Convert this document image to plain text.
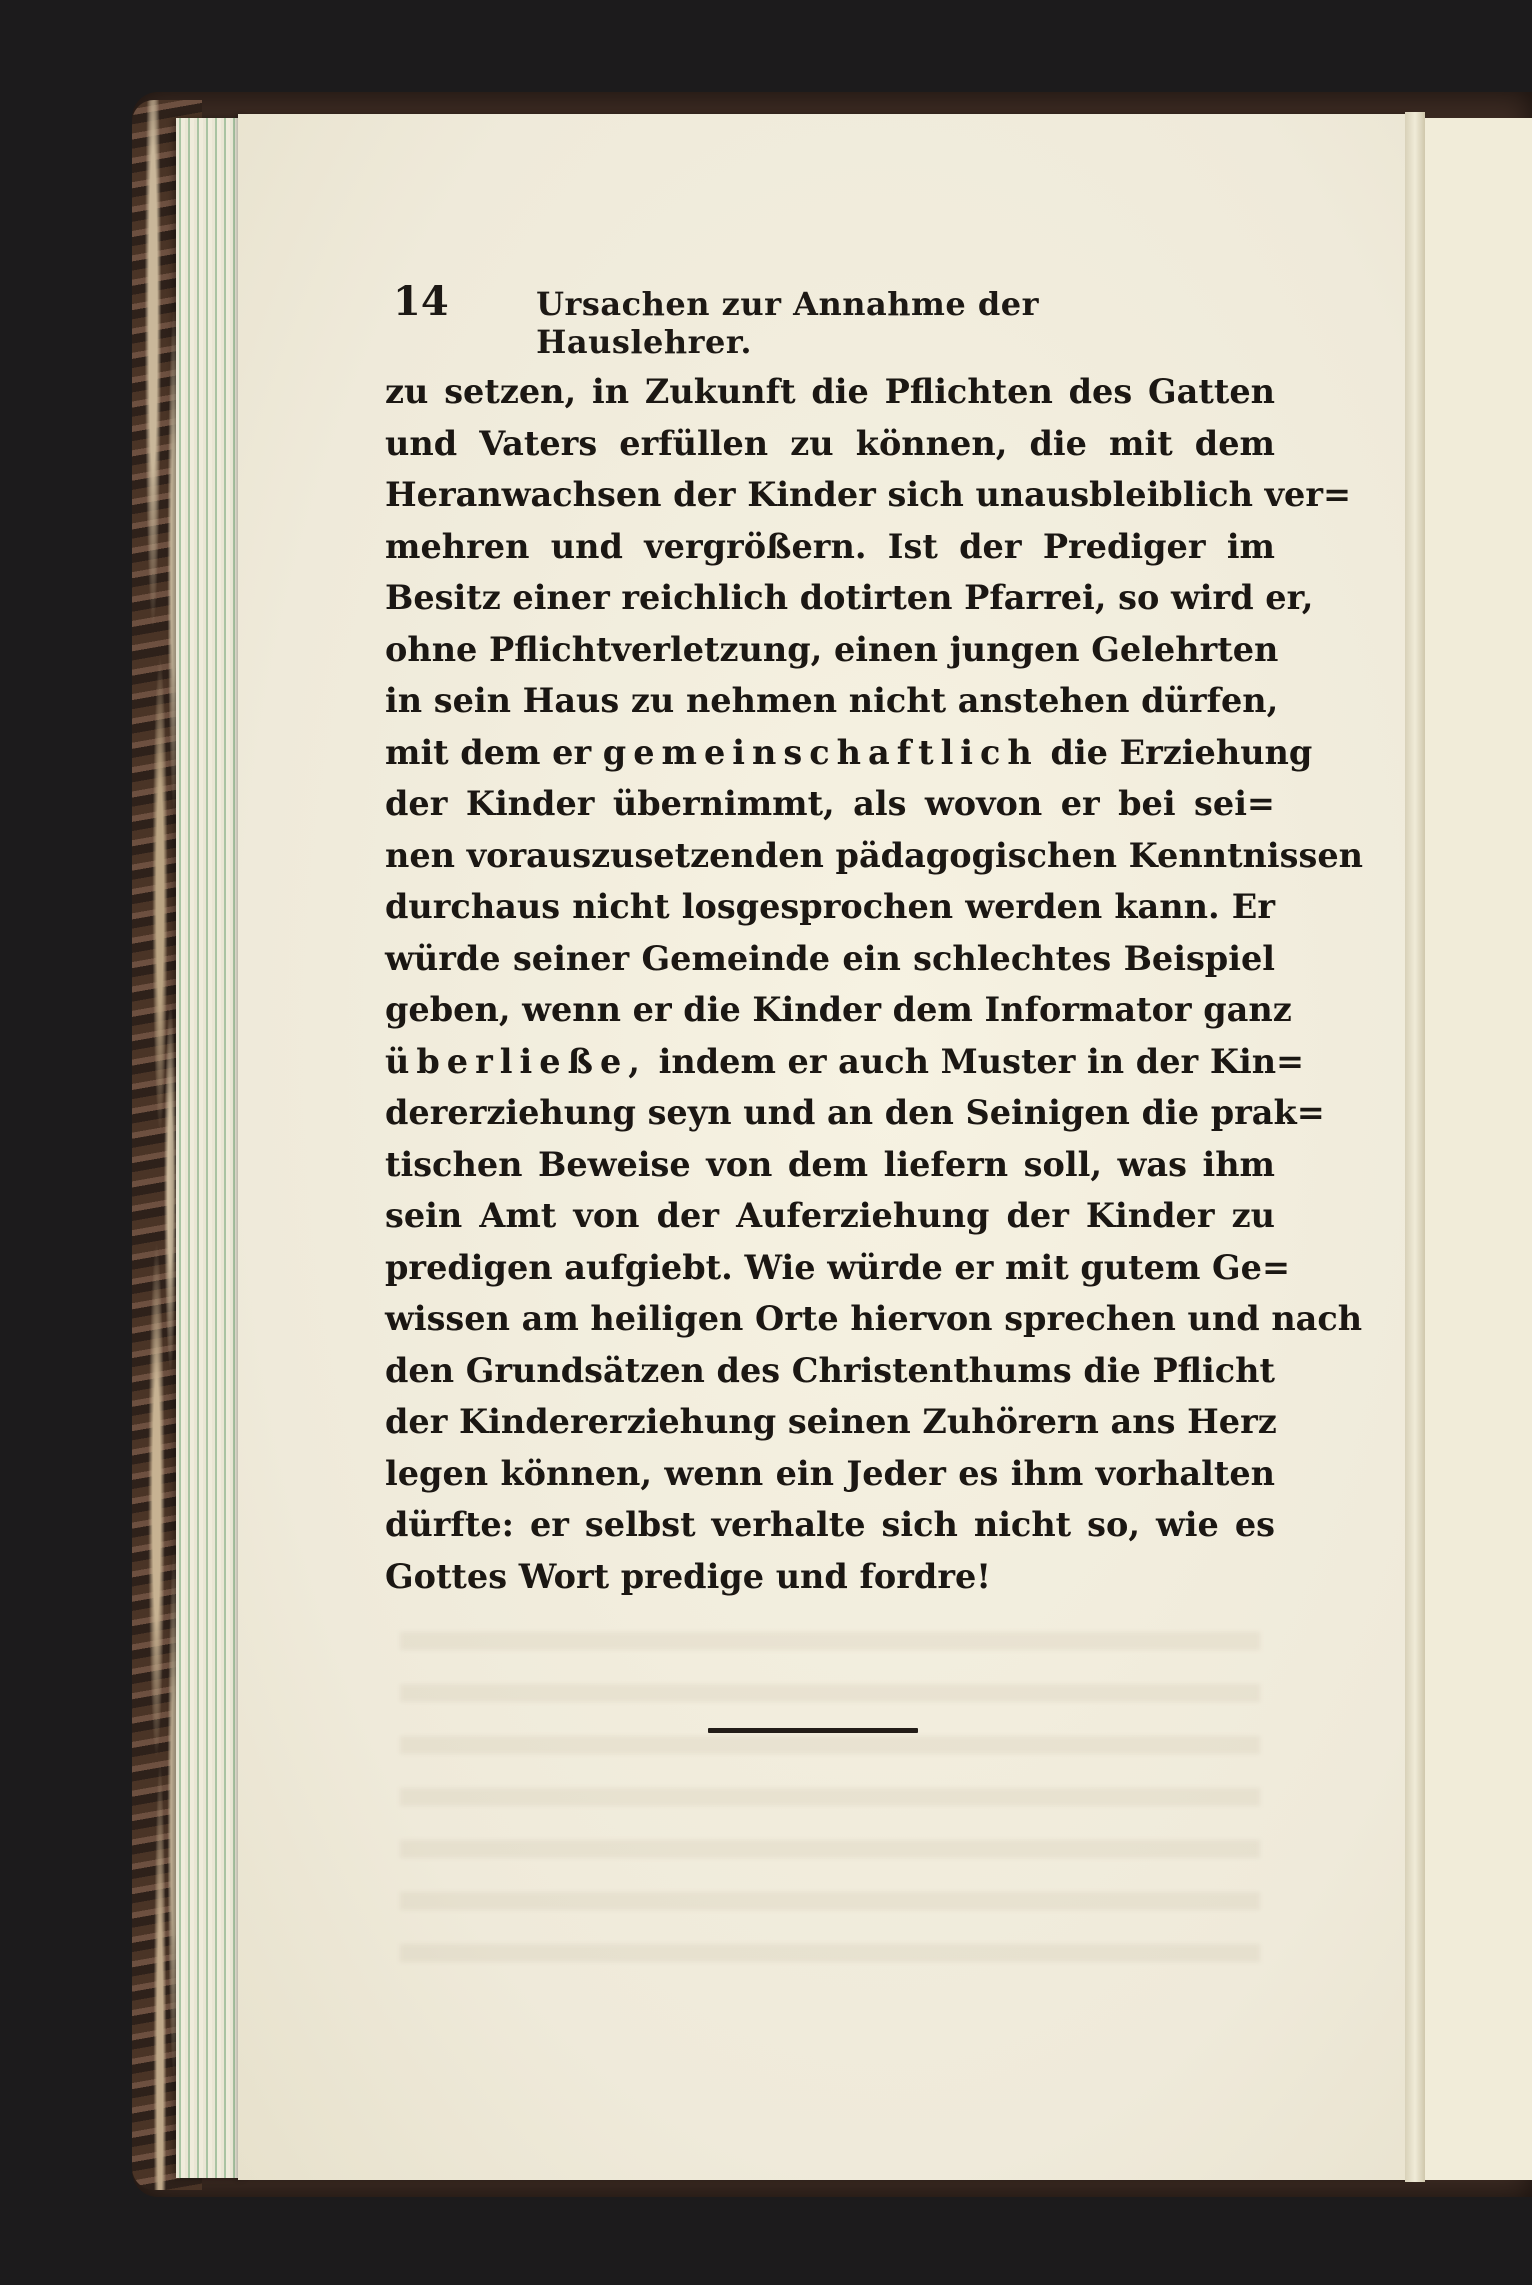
14	Ursachen zur Annahme der Hauslehrer.
zu setzen, in Zukunft die Pflichten des Gatten
und Vaters erfüllen zu können, die mit dem
Heranwachsen der Kinder sich unausbleiblich ver=
mehren und vergrößern. Ist der Prediger im
Besitz einer reichlich dotirten Pfarrei, so wird er,
ohne Pflichtverletzung, einen jungen Gelehrten
in sein Haus zu nehmen nicht anstehen dürfen,
mit dem er gemeinschaftlich die Erziehung
der Kinder übernimmt, als wovon er bei sei=
nen vorauszusetzenden pädagogischen Kenntnissen
durchaus nicht losgesprochen werden kann. Er
würde seiner Gemeinde ein schlechtes Beispiel
geben, wenn er die Kinder dem Informator ganz
überließe, indem er auch Muster in der Kin=
dererziehung seyn und an den Seinigen die prak=
tischen Beweise von dem liefern soll, was ihm
sein Amt von der Auferziehung der Kinder zu
predigen aufgiebt. Wie würde er mit gutem Ge=
wissen am heiligen Orte hiervon sprechen und nach
den Grundsätzen des Christenthums die Pflicht
der Kindererziehung seinen Zuhörern ans Herz
legen können, wenn ein Jeder es ihm vorhalten
dürfte: er selbst verhalte sich nicht so, wie es
Gottes Wort predige und fordre!
